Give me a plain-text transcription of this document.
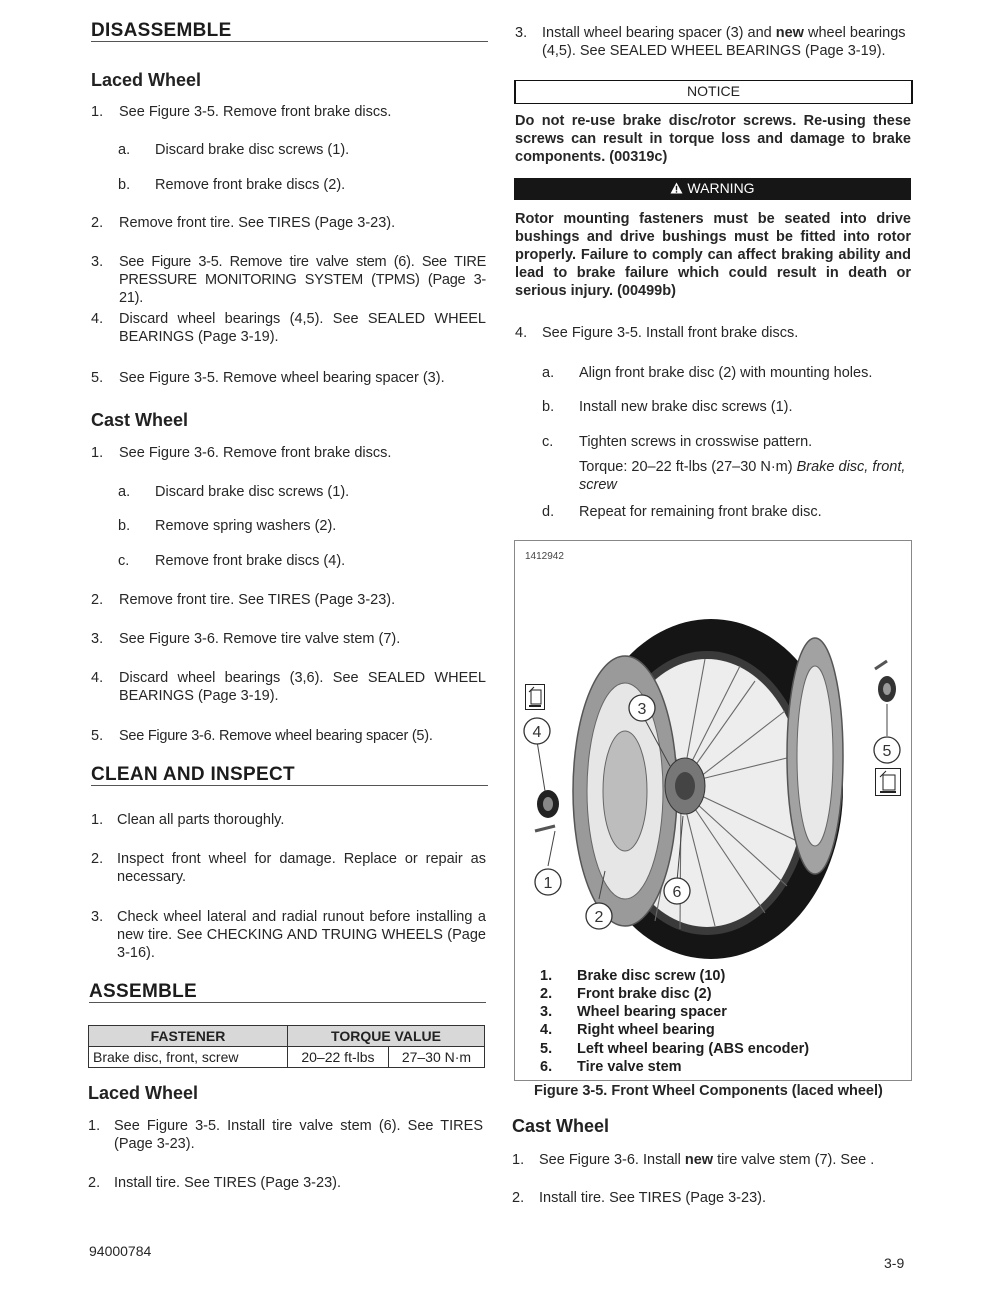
DISASSEMBLE
Laced Wheel
1. See Figure 3-5. Remove front brake discs.
a. Discard brake disc screws (1).
b. Remove front brake discs (2).
2. Remove front tire. See TIRES (Page 3-23).
3. See Figure 3-5. Remove tire valve stem (6). See TIRE PRESSURE MONITORING SYSTEM (TPMS) (Page 3-21).
4. Discard wheel bearings (4,5). See SEALED WHEEL BEARINGS (Page 3-19).
5. See Figure 3-5. Remove wheel bearing spacer (3).
Cast Wheel
1. See Figure 3-6. Remove front brake discs.
a. Discard brake disc screws (1).
b. Remove spring washers (2).
c. Remove front brake discs (4).
2. Remove front tire. See TIRES (Page 3-23).
3. See Figure 3-6. Remove tire valve stem (7).
4. Discard wheel bearings (3,6). See SEALED WHEEL BEARINGS (Page 3-19).
5. See Figure 3-6. Remove wheel bearing spacer (5).
CLEAN AND INSPECT
1. Clean all parts thoroughly.
2. Inspect front wheel for damage. Replace or repair as necessary.
3. Check wheel lateral and radial runout before installing a new tire. See CHECKING AND TRUING WHEELS (Page 3-16).
ASSEMBLE
FASTENER	TORQUE VALUE	
Brake disc, front, screw	20–22 ft-lbs	27–30 N·m
Laced Wheel
1. See Figure 3-5. Install tire valve stem (6). See TIRES (Page 3-23).
2. Install tire. See TIRES (Page 3-23).
94000784
3. Install wheel bearing spacer (3) and new wheel bearings (4,5). See SEALED WHEEL BEARINGS (Page 3-19).
NOTICE
Do not re-use brake disc/rotor screws. Re-using these screws can result in torque loss and damage to brake components. (00319c)
WARNING
Rotor mounting fasteners must be seated into drive bushings and drive bushings must be fitted into rotor properly. Failure to comply can affect braking ability and lead to brake failure which could result in death or serious injury. (00499b)
4. See Figure 3-5. Install front brake discs.
a. Align front brake disc (2) with mounting holes.
b. Install new brake disc screws (1).
c. Tighten screws in crosswise pattern.
Torque: 20–22 ft-lbs (27–30 N·m) Brake disc, front, screw
d. Repeat for remaining front brake disc.
1412942
1
2
3
4
5
6
1. Brake disc screw (10)
2. Front brake disc (2)
3. Wheel bearing spacer
4. Right wheel bearing
5. Left wheel bearing (ABS encoder)
6. Tire valve stem
Figure 3-5. Front Wheel Components (laced wheel)
Cast Wheel
1. See Figure 3-6. Install new tire valve stem (7). See .
2. Install tire. See TIRES (Page 3-23).
3-9
